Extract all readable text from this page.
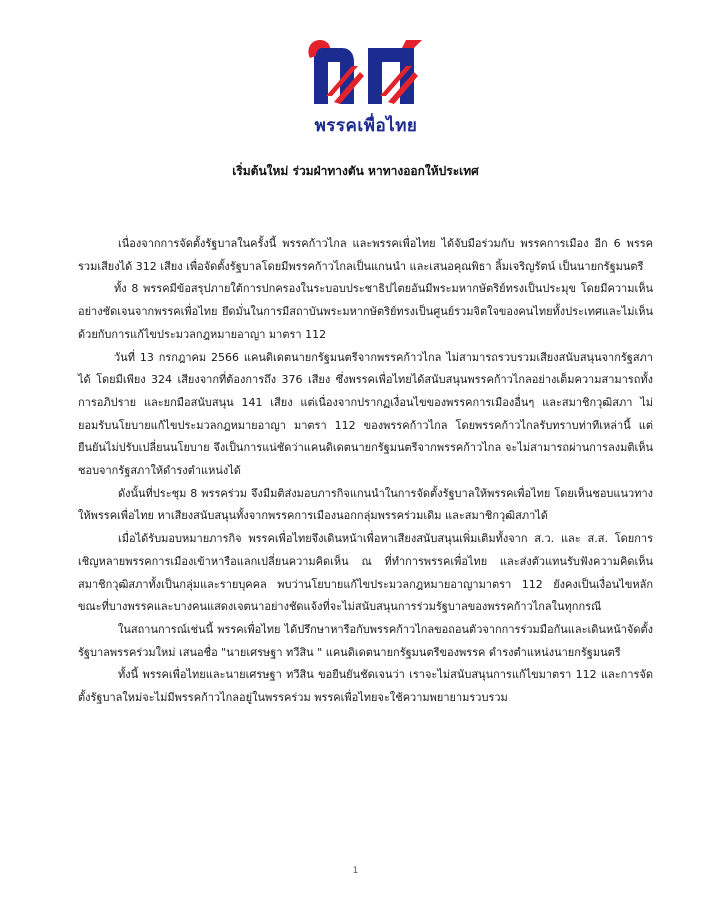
พรรคเพื่อไทย
เริ่มต้นใหม่ ร่วมฝ่าทางตัน หาทางออกให้ประเทศ

เนื่องจากการจัดตั้งรัฐบาลในครั้งนี้ พรรคก้าวไกล และพรรคเพื่อไทย ได้จับมือร่วมกับ พรรคการเมือง อีก 6 พรรค รวมเสียงได้ 312 เสียง เพื่อจัดตั้งรัฐบาลโดยมีพรรคก้าวไกลเป็นแกนนำ และเสนอคุณพิธา ลิ้มเจริญรัตน์ เป็นนายกรัฐมนตรี

ทั้ง 8 พรรคมีข้อสรุปภายใต้การปกครองในระบอบประชาธิปไตยอันมีพระมหากษัตริย์ทรงเป็นประมุข โดยมีความเห็นอย่างชัดเจนจากพรรคเพื่อไทย ยึดมั่นในการมีสถาบันพระมหากษัตริย์ทรงเป็นศูนย์รวมจิตใจของคนไทยทั้งประเทศและไม่เห็นด้วยกับการแก้ไขประมวลกฎหมายอาญา มาตรา 112

วันที่ 13 กรกฎาคม 2566 แคนดิเดตนายกรัฐมนตรีจากพรรคก้าวไกล ไม่สามารถรวบรวมเสียงสนับสนุนจากรัฐสภาได้ โดยมีเพียง 324 เสียงจากที่ต้องการถึง 376 เสียง ซึ่งพรรคเพื่อไทยได้สนับสนุนพรรคก้าวไกลอย่างเต็มความสามารถทั้งการอภิปราย และยกมือสนับสนุน 141 เสียง แต่เนื่องจากปรากฏเงื่อนไขของพรรคการเมืองอื่นๆ และสมาชิกวุฒิสภา ไม่ยอมรับนโยบายแก้ไขประมวลกฎหมายอาญา มาตรา 112 ของพรรคก้าวไกล โดยพรรคก้าวไกลรับทราบท่าทีเหล่านี้ แต่ยืนยันไม่ปรับเปลี่ยนนโยบาย จึงเป็นการแน่ชัดว่าแคนดิเดตนายกรัฐมนตรีจากพรรคก้าวไกล จะไม่สามารถผ่านการลงมติเห็นชอบจากรัฐสภาให้ดำรงตำแหน่งได้

ดังนั้นที่ประชุม 8 พรรคร่วม จึงมีมติส่งมอบภารกิจแกนนำในการจัดตั้งรัฐบาลให้พรรคเพื่อไทย โดยเห็นชอบแนวทางให้พรรคเพื่อไทย หาเสียงสนับสนุนทั้งจากพรรคการเมืองนอกกลุ่มพรรคร่วมเดิม และสมาชิกวุฒิสภาได้

เมื่อได้รับมอบหมายภารกิจ พรรคเพื่อไทยจึงเดินหน้าเพื่อหาเสียงสนับสนุนเพิ่มเติมทั้งจาก ส.ว. และ ส.ส. โดยการเชิญหลายพรรคการเมืองเข้าหารือแลกเปลี่ยนความคิดเห็น ณ ที่ทำการพรรคเพื่อไทย และส่งตัวแทนรับฟังความคิดเห็นสมาชิกวุฒิสภาทั้งเป็นกลุ่มและรายบุคคล พบว่านโยบายแก้ไขประมวลกฎหมายอาญามาตรา 112 ยังคงเป็นเงื่อนไขหลัก ขณะที่บางพรรคและบางคนแสดงเจตนาอย่างชัดแจ้งที่จะไม่สนับสนุนการร่วมรัฐบาลของพรรคก้าวไกลในทุกกรณี

ในสถานการณ์เช่นนี้ พรรคเพื่อไทย ได้ปรึกษาหารือกับพรรคก้าวไกลขอถอนตัวจากการร่วมมือกันและเดินหน้าจัดตั้งรัฐบาลพรรคร่วมใหม่ เสนอชื่อ "นายเศรษฐา ทวีสิน " แคนดิเดตนายกรัฐมนตรีของพรรค ดำรงตำแหน่งนายกรัฐมนตรี

ทั้งนี้ พรรคเพื่อไทยและนายเศรษฐา ทวีสิน ขอยืนยันชัดเจนว่า เราจะไม่สนับสนุนการแก้ไขมาตรา 112 และการจัดตั้งรัฐบาลใหม่จะไม่มีพรรคก้าวไกลอยู่ในพรรคร่วม พรรคเพื่อไทยจะใช้ความพยายามรวบรวม

1
